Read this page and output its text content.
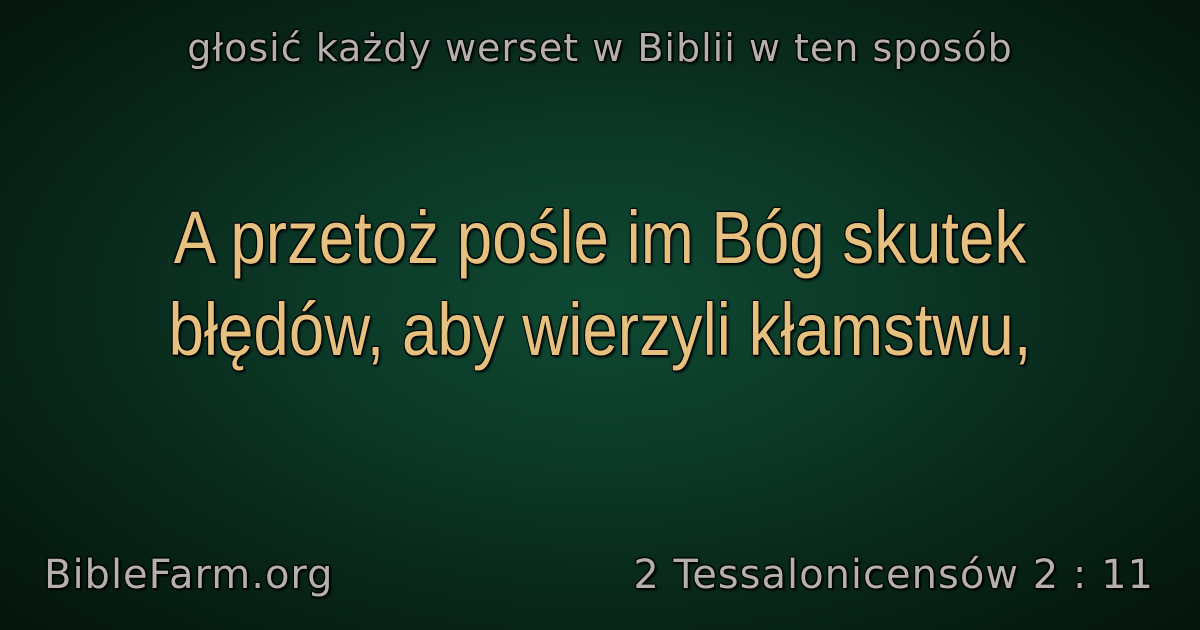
głosić każdy werset w Biblii w ten sposób
A przetoż pośle im Bóg skutek
błędów, aby wierzyli kłamstwu,
BibleFarm.org	2 Tessalonicensów 2 : 11
